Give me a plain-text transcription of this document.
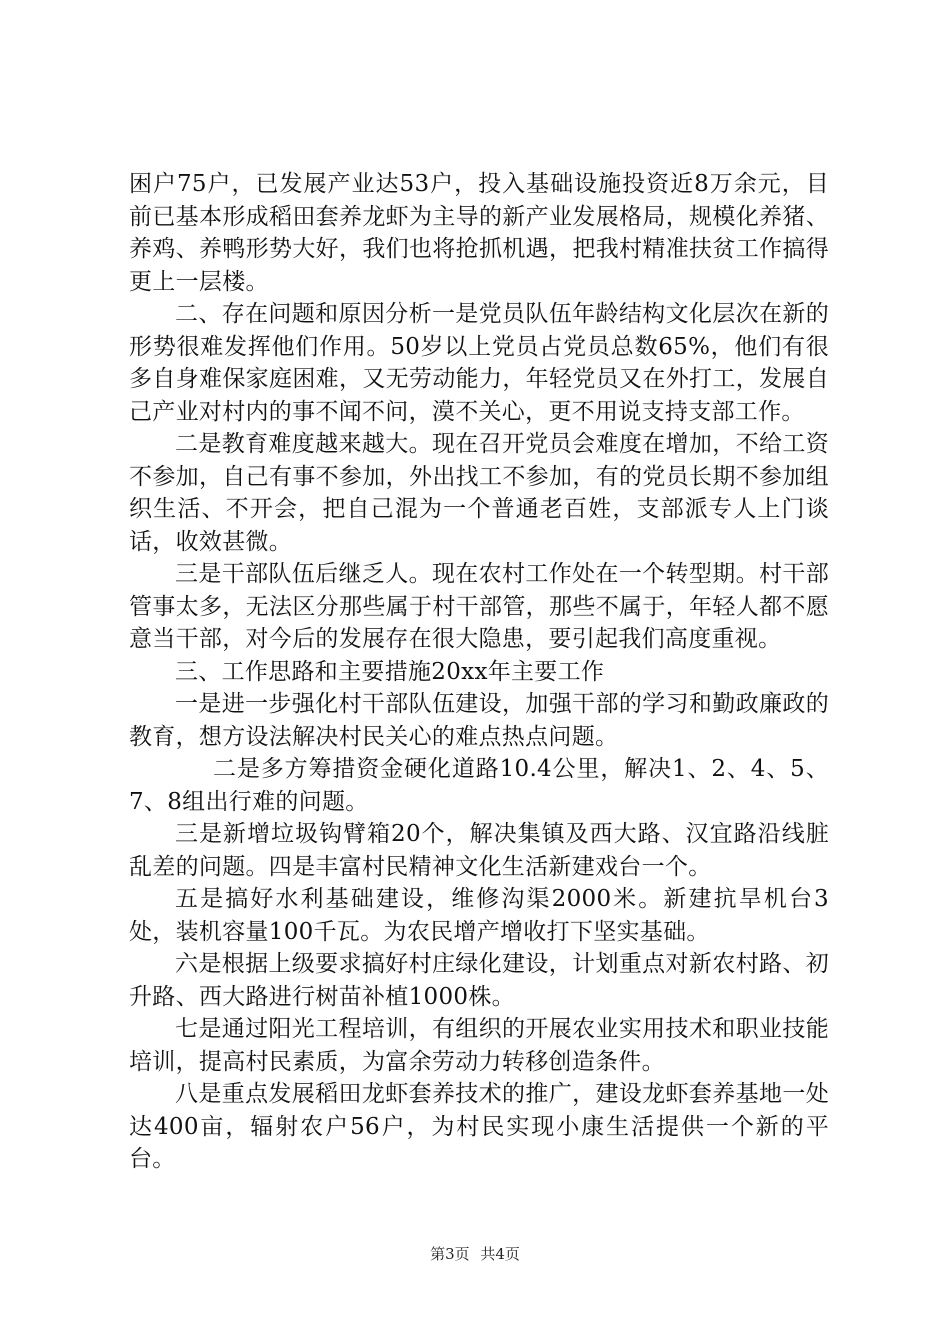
困户75户，已发展产业达53户，投入基础设施投资近8万余元，目前已基本形成稻田套养龙虾为主导的新产业发展格局，规模化养猪、养鸡、养鸭形势大好，我们也将抢抓机遇，把我村精准扶贫工作搞得更上一层楼。

二、存在问题和原因分析一是党员队伍年龄结构文化层次在新的形势很难发挥他们作用。50岁以上党员占党员总数65%，他们有很多自身难保家庭困难，又无劳动能力，年轻党员又在外打工，发展自己产业对村内的事不闻不问，漠不关心，更不用说支持支部工作。

二是教育难度越来越大。现在召开党员会难度在增加，不给工资不参加，自己有事不参加，外出找工不参加，有的党员长期不参加组织生活、不开会，把自己混为一个普通老百姓，支部派专人上门谈话，收效甚微。

三是干部队伍后继乏人。现在农村工作处在一个转型期。村干部管事太多，无法区分那些属于村干部管，那些不属于，年轻人都不愿意当干部，对今后的发展存在很大隐患，要引起我们高度重视。

三、工作思路和主要措施20xx年主要工作

一是进一步强化村干部队伍建设，加强干部的学习和勤政廉政的教育，想方设法解决村民关心的难点热点问题。

二是多方筹措资金硬化道路10.4公里，解决1、2、4、5、7、8组出行难的问题。

三是新增垃圾钩臂箱20个，解决集镇及西大路、汉宜路沿线脏乱差的问题。四是丰富村民精神文化生活新建戏台一个。

五是搞好水利基础建设，维修沟渠2000米。新建抗旱机台3处，装机容量100千瓦。为农民增产增收打下坚实基础。

六是根据上级要求搞好村庄绿化建设，计划重点对新农村路、初升路、西大路进行树苗补植1000株。

七是通过阳光工程培训，有组织的开展农业实用技术和职业技能培训，提高村民素质，为富余劳动力转移创造条件。

八是重点发展稻田龙虾套养技术的推广，建设龙虾套养基地一处达400亩，辐射农户56户，为村民实现小康生活提供一个新的平台。

第3页 共4页
